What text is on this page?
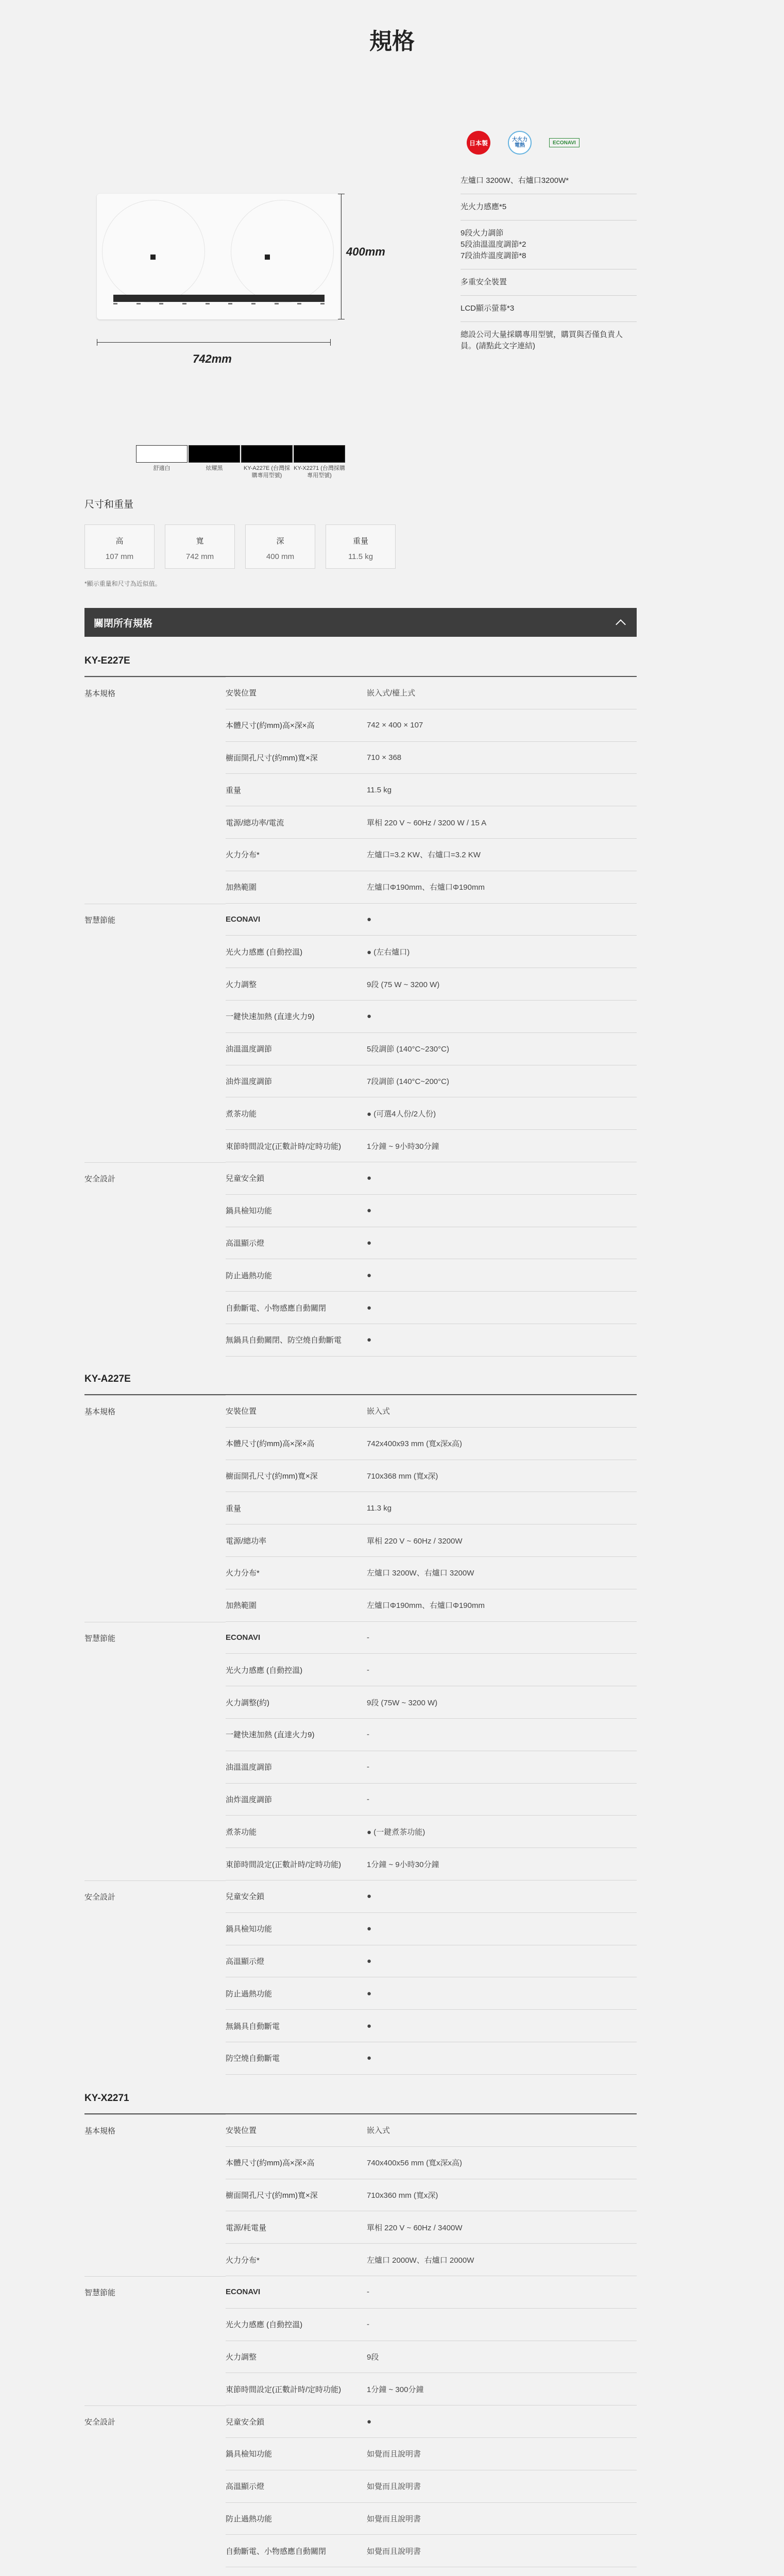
規格
400mm
742mm
日本製	大火力 電熱	ECONAVI
左爐口 3200W、右爐口3200W*
光火力感應*5
9段火力調節
5段油溫溫度調節*2
7段油炸溫度調節*8
多重安全裝置
LCD顯示螢幕*3
總設公司大量採購專用型號，購買與否僅負責人員。(請點此文字連結)
舒適白	炫耀黑	KY-A227E (台灣採購專用型號)
KY-X2271 (台灣採購專用型號)
尺寸和重量
高
107 mm
寬
742 mm
深
400 mm
重量
11.5 kg
*顯示重量和尺寸為近似值。
關閉所有規格
KY-E227E
基本規格	安裝位置	嵌入式/檯上式
本體尺寸(約mm)高×深×高	742 × 400 × 107
櫥面開孔尺寸(約mm)寬×深	710 × 368
重量	11.5 kg
電源/總功率/電流	單相 220 V ~ 60Hz / 3200 W / 15 A
火力分布*	左爐口=3.2 KW、右爐口=3.2 KW
加熱範圍	左爐口Φ190mm、右爐口Φ190mm
智慧節能	ECONAVI	●
光火力感應 (自動控溫)	● (左右爐口)
火力調整	9段 (75 W ~ 3200 W)
一鍵快速加熱 (直達火力9)	●
油溫溫度調節	5段調節 (140°C~230°C)
油炸溫度調節	7段調節 (140°C~200°C)
煮茶功能	● (可選4人份/2人份)
東節時間設定(正數計時/定時功能)	1分鐘 ~ 9小時30分鐘
安全設計	兒童安全鎖	●
鍋具檢知功能	●
高溫顯示燈	●
防止過熱功能	●
自動斷電、小物感應自動關閉	●
無鍋具自動關閉、防空燒自動斷電	●
KY-A227E
基本規格	安裝位置	嵌入式
本體尺寸(約mm)高×深×高	742x400x93 mm (寬x深x高)
櫥面開孔尺寸(約mm)寬×深	710x368 mm (寬x深)
重量	11.3 kg
電源/總功率	單相 220 V ~ 60Hz / 3200W
火力分布*	左爐口 3200W、右爐口 3200W
加熱範圍	左爐口Φ190mm、右爐口Φ190mm
智慧節能	ECONAVI	-
光火力感應 (自動控溫)	-
火力調整(約)	9段 (75W ~ 3200 W)
一鍵快速加熱 (直達火力9)	-
油溫溫度調節	-
油炸溫度調節	-
煮茶功能	● (一鍵煮茶功能)
東節時間設定(正數計時/定時功能)	1分鐘 ~ 9小時30分鐘
安全設計	兒童安全鎖	●
鍋具檢知功能	●
高溫顯示燈	●
防止過熱功能	●
無鍋具自動斷電	●
防空燒自動斷電	●
KY-X2271
基本規格	安裝位置	嵌入式
本體尺寸(約mm)高×深×高	740x400x56 mm (寬x深x高)
櫥面開孔尺寸(約mm)寬×深	710x360 mm (寬x深)
電源/耗電量	單相 220 V ~ 60Hz / 3400W
火力分布*	左爐口 2000W、右爐口 2000W
智慧節能	ECONAVI	-
光火力感應 (自動控溫)	-
火力調整	9段
東節時間設定(正數計時/定時功能)	1分鐘 ~ 300分鐘
安全設計	兒童安全鎖	●
鍋具檢知功能	如覺而且說明書
高溫顯示燈	如覺而且說明書
防止過熱功能	如覺而且說明書
自動斷電、小物感應自動關閉	如覺而且說明書
